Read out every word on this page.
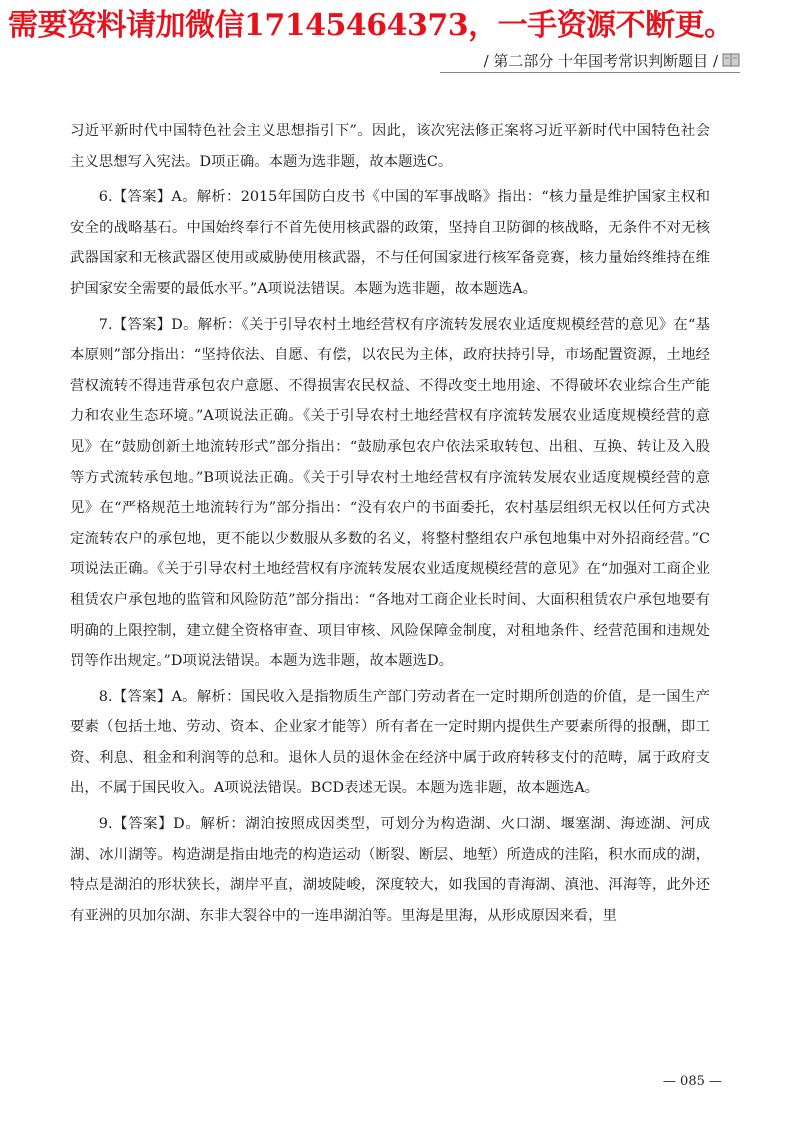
需要资料请加微信17145464373，一手资源不断更。
/ 第二部分 十年国考常识判断题目 /

习近平新时代中国特色社会主义思想指引下”。因此，该次宪法修正案将习近平新时代中国特色社会主义思想写入宪法。D项正确。本题为选非题，故本题选C。

6.【答案】A。解析：2015年国防白皮书《中国的军事战略》指出：“核力量是维护国家主权和安全的战略基石。中国始终奉行不首先使用核武器的政策，坚持自卫防御的核战略，无条件不对无核武器国家和无核武器区使用或威胁使用核武器，不与任何国家进行核军备竞赛，核力量始终维持在维护国家安全需要的最低水平。”A项说法错误。本题为选非题，故本题选A。

7.【答案】D。解析：《关于引导农村土地经营权有序流转发展农业适度规模经营的意见》在“基本原则”部分指出：“坚持依法、自愿、有偿，以农民为主体，政府扶持引导，市场配置资源，土地经营权流转不得违背承包农户意愿、不得损害农民权益、不得改变土地用途、不得破坏农业综合生产能力和农业生态环境。”A项说法正确。《关于引导农村土地经营权有序流转发展农业适度规模经营的意见》在“鼓励创新土地流转形式”部分指出：“鼓励承包农户依法采取转包、出租、互换、转让及入股等方式流转承包地。”B项说法正确。《关于引导农村土地经营权有序流转发展农业适度规模经营的意见》在“严格规范土地流转行为”部分指出：“没有农户的书面委托，农村基层组织无权以任何方式决定流转农户的承包地，更不能以少数服从多数的名义，将整村整组农户承包地集中对外招商经营。”C项说法正确。《关于引导农村土地经营权有序流转发展农业适度规模经营的意见》在“加强对工商企业租赁农户承包地的监管和风险防范”部分指出：“各地对工商企业长时间、大面积租赁农户承包地要有明确的上限控制，建立健全资格审查、项目审核、风险保障金制度，对租地条件、经营范围和违规处罚等作出规定。”D项说法错误。本题为选非题，故本题选D。

8.【答案】A。解析：国民收入是指物质生产部门劳动者在一定时期所创造的价值，是一国生产要素（包括土地、劳动、资本、企业家才能等）所有者在一定时期内提供生产要素所得的报酬，即工资、利息、租金和利润等的总和。退休人员的退休金在经济中属于政府转移支付的范畴，属于政府支出，不属于国民收入。A项说法错误。BCD表述无误。本题为选非题，故本题选A。

9.【答案】D。解析：湖泊按照成因类型，可划分为构造湖、火口湖、堰塞湖、海迹湖、河成湖、冰川湖等。构造湖是指由地壳的构造运动（断裂、断层、地堑）所造成的洼陷，积水而成的湖，特点是湖泊的形状狭长，湖岸平直，湖坡陡峻，深度较大，如我国的青海湖、滇池、洱海等，此外还有亚洲的贝加尔湖、东非大裂谷中的一连串湖泊等。里海是里海，从形成原因来看，里

— 085 —
